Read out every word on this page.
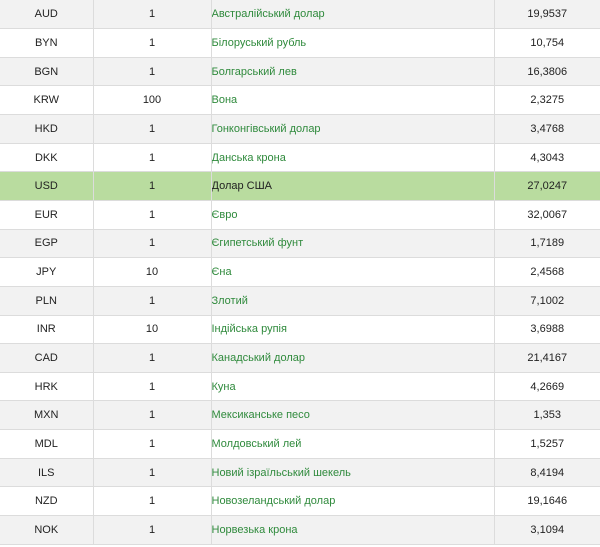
AUD	1	Австралійський долар	19,9537
BYN	1	Білоруський рубль	10,754
BGN	1	Болгарський лев	16,3806
KRW	100	Вона	2,3275
HKD	1	Гонконгівський долар	3,4768
DKK	1	Данська крона	4,3043
USD	1	Долар США	27,0247
EUR	1	Євро	32,0067
EGP	1	Єгипетський фунт	1,7189
JPY	10	Єна	2,4568
PLN	1	Злотий	7,1002
INR	10	Індійська рупія	3,6988
CAD	1	Канадський долар	21,4167
HRK	1	Куна	4,2669
MXN	1	Мексиканське песо	1,353
MDL	1	Молдовський лей	1,5257
ILS	1	Новий ізраїльський шекель	8,4194
NZD	1	Новозеландський долар	19,1646
NOK	1	Норвезька крона	3,1094
